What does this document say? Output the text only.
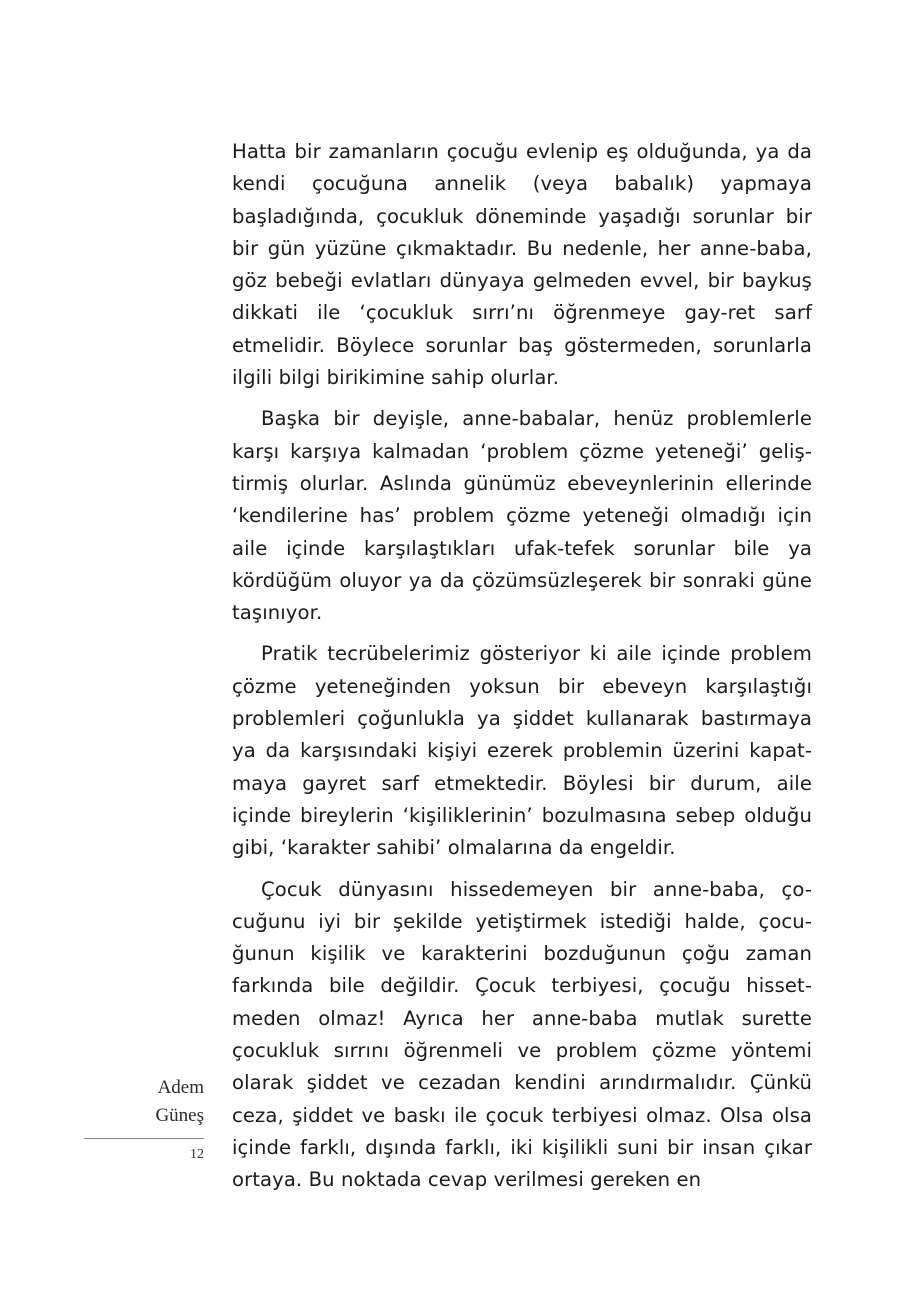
Hatta bir zamanların çocuğu evlenip eş olduğunda, ya da kendi çocuğuna annelik (veya babalık) yapmaya başladığında, çocukluk döneminde yaşadığı sorunlar bir bir gün yüzüne çıkmaktadır. Bu nedenle, her anne-baba, göz bebeği evlatları dünyaya gelmeden evvel, bir baykuş dikkati ile ‘çocukluk sırrı’nı öğrenmeye gay-ret sarf etmelidir. Böylece sorunlar baş göstermeden, sorunlarla ilgili bilgi birikimine sahip olurlar.

Başka bir deyişle, anne-babalar, henüz problemlerle karşı karşıya kalmadan ‘problem çözme yeteneği’ geliş-tirmiş olurlar. Aslında günümüz ebeveynlerinin ellerinde ‘kendilerine has’ problem çözme yeteneği olmadığı için aile içinde karşılaştıkları ufak-tefek sorunlar bile ya kördüğüm oluyor ya da çözümsüzleşerek bir sonraki güne taşınıyor.

Pratik tecrübelerimiz gösteriyor ki aile içinde problem çözme yeteneğinden yoksun bir ebeveyn karşılaştığı problemleri çoğunlukla ya şiddet kullanarak bastırmaya ya da karşısındaki kişiyi ezerek problemin üzerini kapat-maya gayret sarf etmektedir. Böylesi bir durum, aile içinde bireylerin ‘kişiliklerinin’ bozulmasına sebep olduğu gibi, ‘karakter sahibi’ olmalarına da engeldir.

Çocuk dünyasını hissedemeyen bir anne-baba, ço-cuğunu iyi bir şekilde yetiştirmek istediği halde, çocu-ğunun kişilik ve karakterini bozduğunun çoğu zaman farkında bile değildir. Çocuk terbiyesi, çocuğu hisset-meden olmaz! Ayrıca her anne-baba mutlak surette çocukluk sırrını öğrenmeli ve problem çözme yöntemi olarak şiddet ve cezadan kendini arındırmalıdır. Çünkü ceza, şiddet ve baskı ile çocuk terbiyesi olmaz. Olsa olsa içinde farklı, dışında farklı, iki kişilikli suni bir insan çıkar ortaya. Bu noktada cevap verilmesi gereken en

Adem
Güneş
12
